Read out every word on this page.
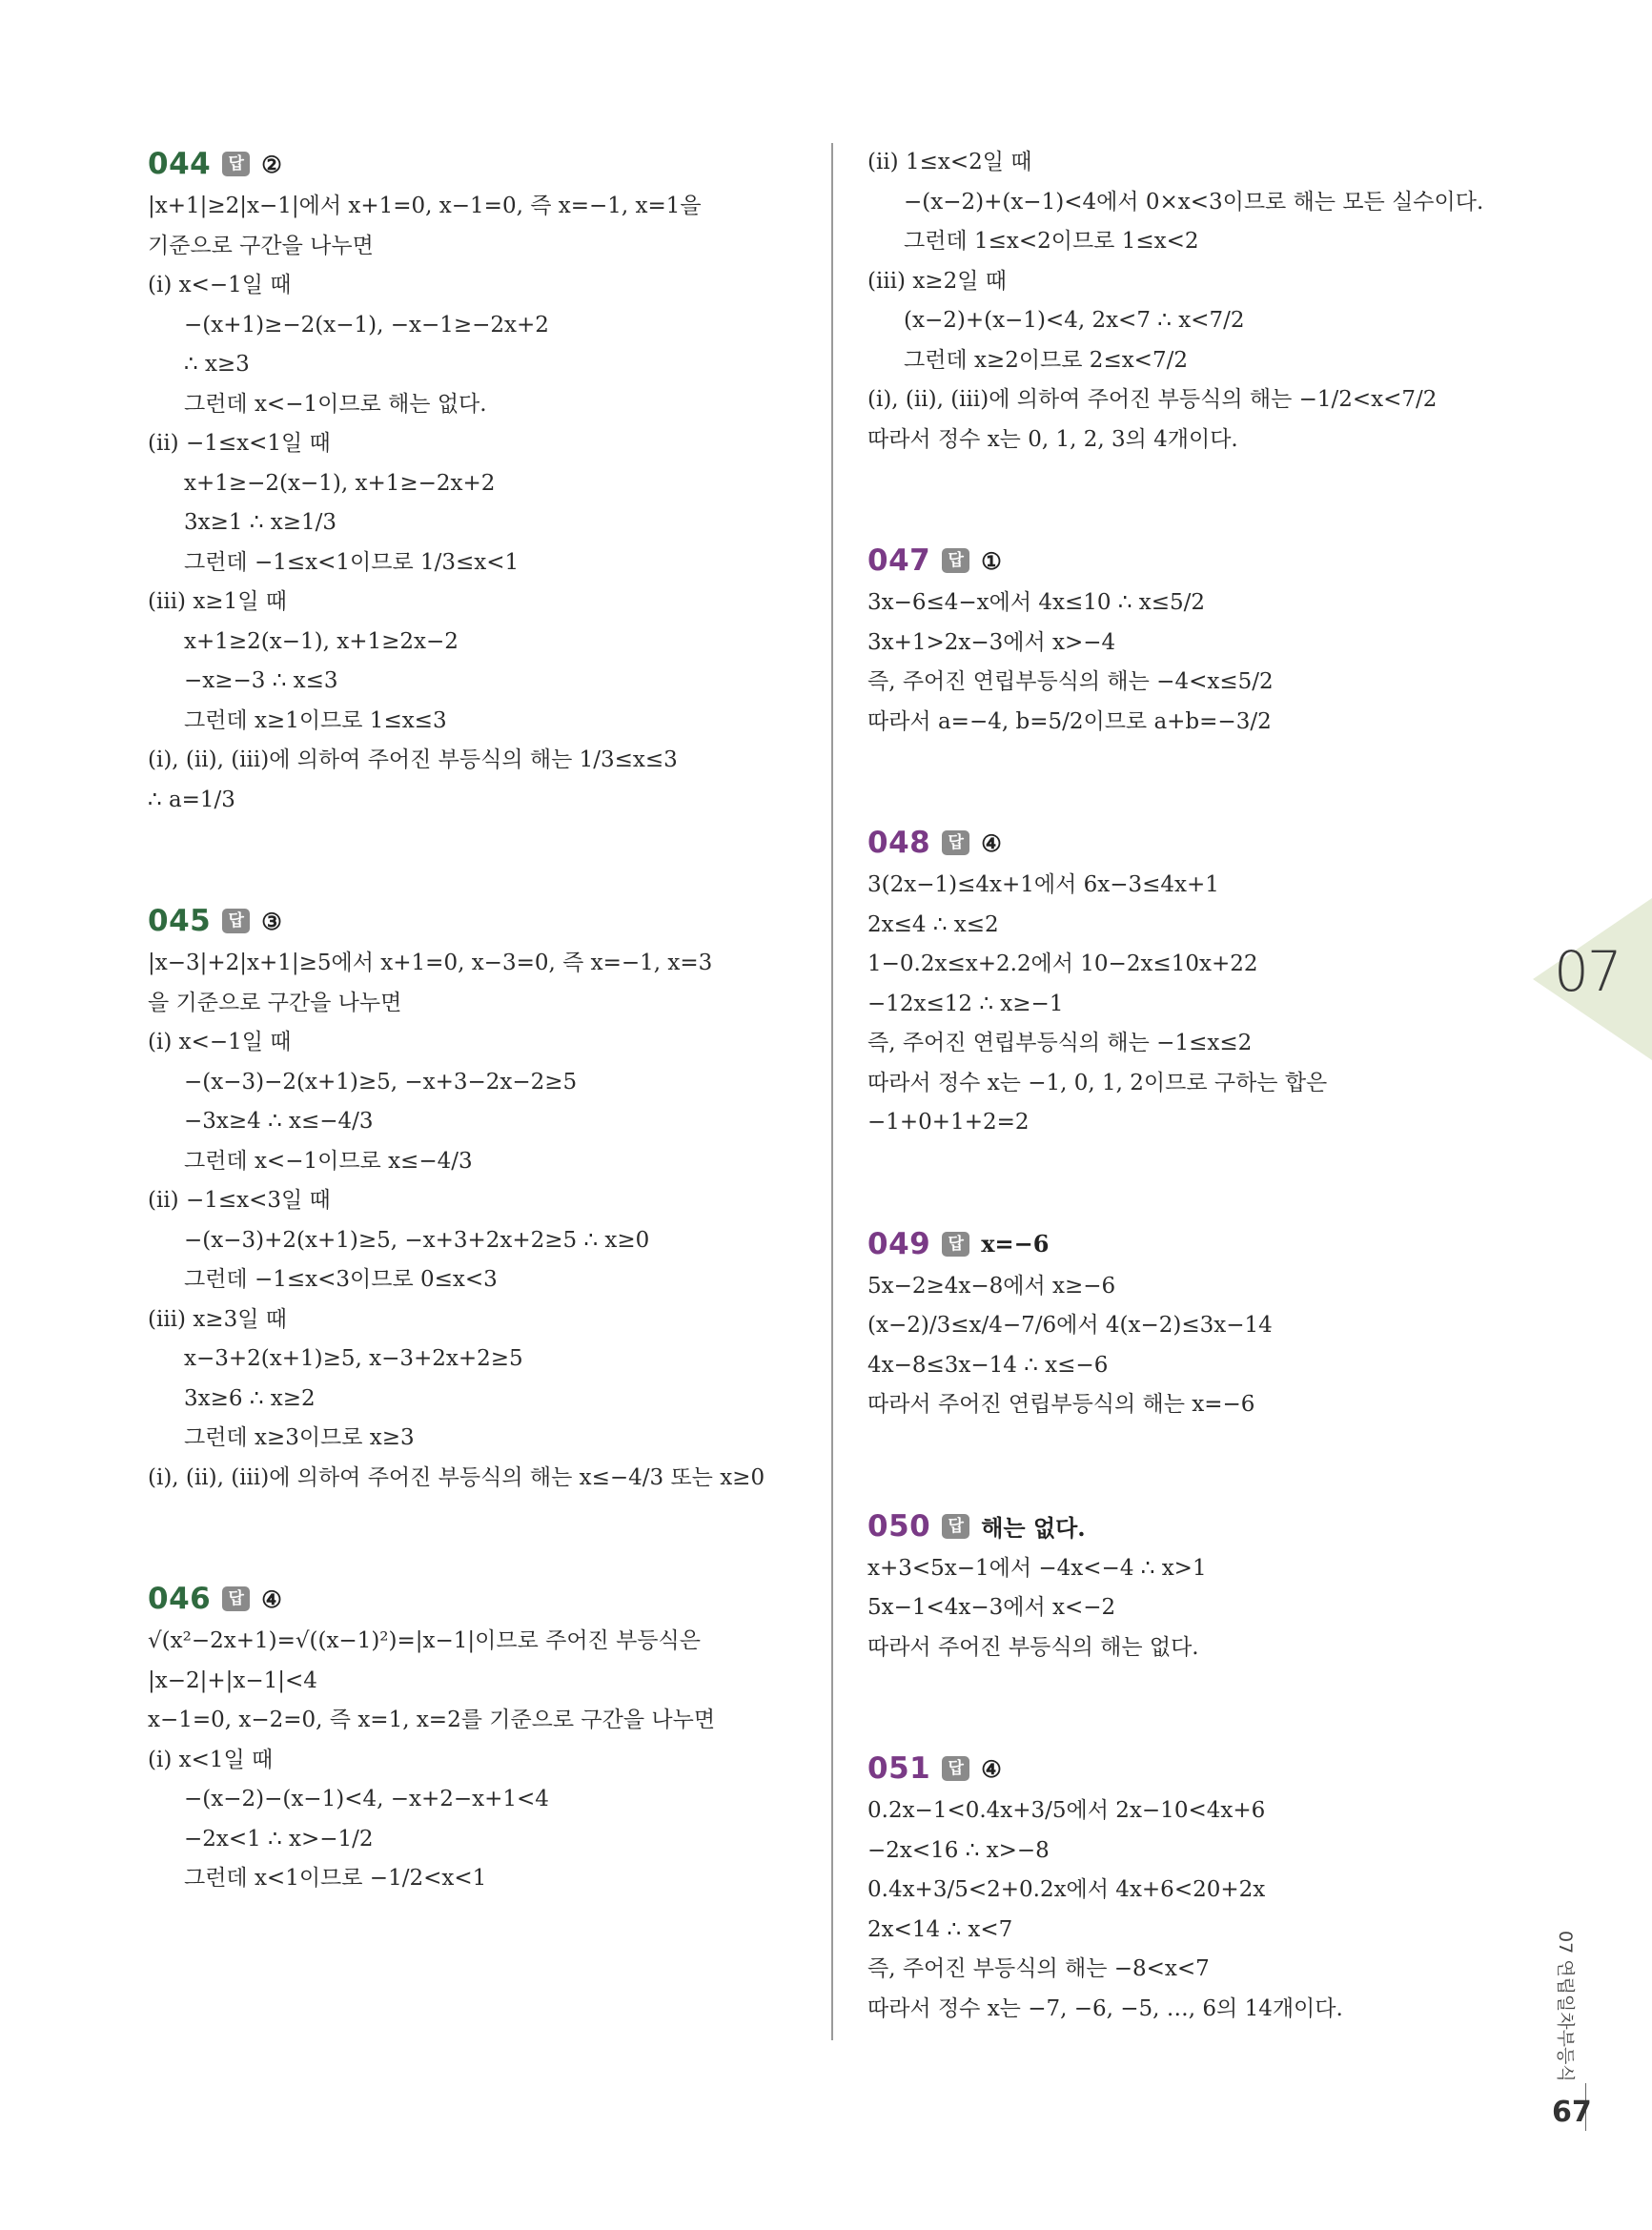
044	답 ②
|x+1|≥2|x−1|에서 x+1=0, x−1=0, 즉 x=−1, x=1을
기준으로 구간을 나누면
(ⅰ) x<−1일 때
−(x+1)≥−2(x−1), −x−1≥−2x+2
∴ x≥3
그런데 x<−1이므로 해는 없다.
(ⅱ) −1≤x<1일 때
x+1≥−2(x−1), x+1≥−2x+2
3x≥1 ∴ x≥1/3
그런데 −1≤x<1이므로 1/3≤x<1
(ⅲ) x≥1일 때
x+1≥2(x−1), x+1≥2x−2
−x≥−3 ∴ x≤3
그런데 x≥1이므로 1≤x≤3
(ⅰ), (ⅱ), (ⅲ)에 의하여 주어진 부등식의 해는 1/3≤x≤3
∴ a=1/3
045	답 ③
|x−3|+2|x+1|≥5에서 x+1=0, x−3=0, 즉 x=−1, x=3
을 기준으로 구간을 나누면
(ⅰ) x<−1일 때
−(x−3)−2(x+1)≥5, −x+3−2x−2≥5
−3x≥4 ∴ x≤−4/3
그런데 x<−1이므로 x≤−4/3
(ⅱ) −1≤x<3일 때
−(x−3)+2(x+1)≥5, −x+3+2x+2≥5 ∴ x≥0
그런데 −1≤x<3이므로 0≤x<3
(ⅲ) x≥3일 때
x−3+2(x+1)≥5, x−3+2x+2≥5
3x≥6 ∴ x≥2
그런데 x≥3이므로 x≥3
(ⅰ), (ⅱ), (ⅲ)에 의하여 주어진 부등식의 해는 x≤−4/3 또는 x≥0
046	답 ④
√(x²−2x+1)=√((x−1)²)=|x−1|이므로 주어진 부등식은
|x−2|+|x−1|<4
x−1=0, x−2=0, 즉 x=1, x=2를 기준으로 구간을 나누면
(ⅰ) x<1일 때
−(x−2)−(x−1)<4, −x+2−x+1<4
−2x<1 ∴ x>−1/2
그런데 x<1이므로 −1/2<x<1
(ⅱ) 1≤x<2일 때
−(x−2)+(x−1)<4에서 0×x<3이므로 해는 모든 실수이다.
그런데 1≤x<2이므로 1≤x<2
(ⅲ) x≥2일 때
(x−2)+(x−1)<4, 2x<7 ∴ x<7/2
그런데 x≥2이므로 2≤x<7/2
(ⅰ), (ⅱ), (ⅲ)에 의하여 주어진 부등식의 해는 −1/2<x<7/2
따라서 정수 x는 0, 1, 2, 3의 4개이다.
047	답 ①
3x−6≤4−x에서 4x≤10 ∴ x≤5/2
3x+1>2x−3에서 x>−4
즉, 주어진 연립부등식의 해는 −4<x≤5/2
따라서 a=−4, b=5/2이므로 a+b=−3/2
048	답 ④
3(2x−1)≤4x+1에서 6x−3≤4x+1
2x≤4 ∴ x≤2
1−0.2x≤x+2.2에서 10−2x≤10x+22
−12x≤12 ∴ x≥−1
즉, 주어진 연립부등식의 해는 −1≤x≤2
따라서 정수 x는 −1, 0, 1, 2이므로 구하는 합은
−1+0+1+2=2
049	답 x=−6
5x−2≥4x−8에서 x≥−6
(x−2)/3≤x/4−7/6에서 4(x−2)≤3x−14
4x−8≤3x−14 ∴ x≤−6
따라서 주어진 연립부등식의 해는 x=−6
050	답 해는 없다.
x+3<5x−1에서 −4x<−4 ∴ x>1
5x−1<4x−3에서 x<−2
따라서 주어진 부등식의 해는 없다.
051	답 ④
0.2x−1<0.4x+3/5에서 2x−10<4x+6
−2x<16 ∴ x>−8
0.4x+3/5<2+0.2x에서 4x+6<20+2x
2x<14 ∴ x<7
즉, 주어진 부등식의 해는 −8<x<7
따라서 정수 x는 −7, −6, −5, …, 6의 14개이다.
07
07 연립일차부등식
67
